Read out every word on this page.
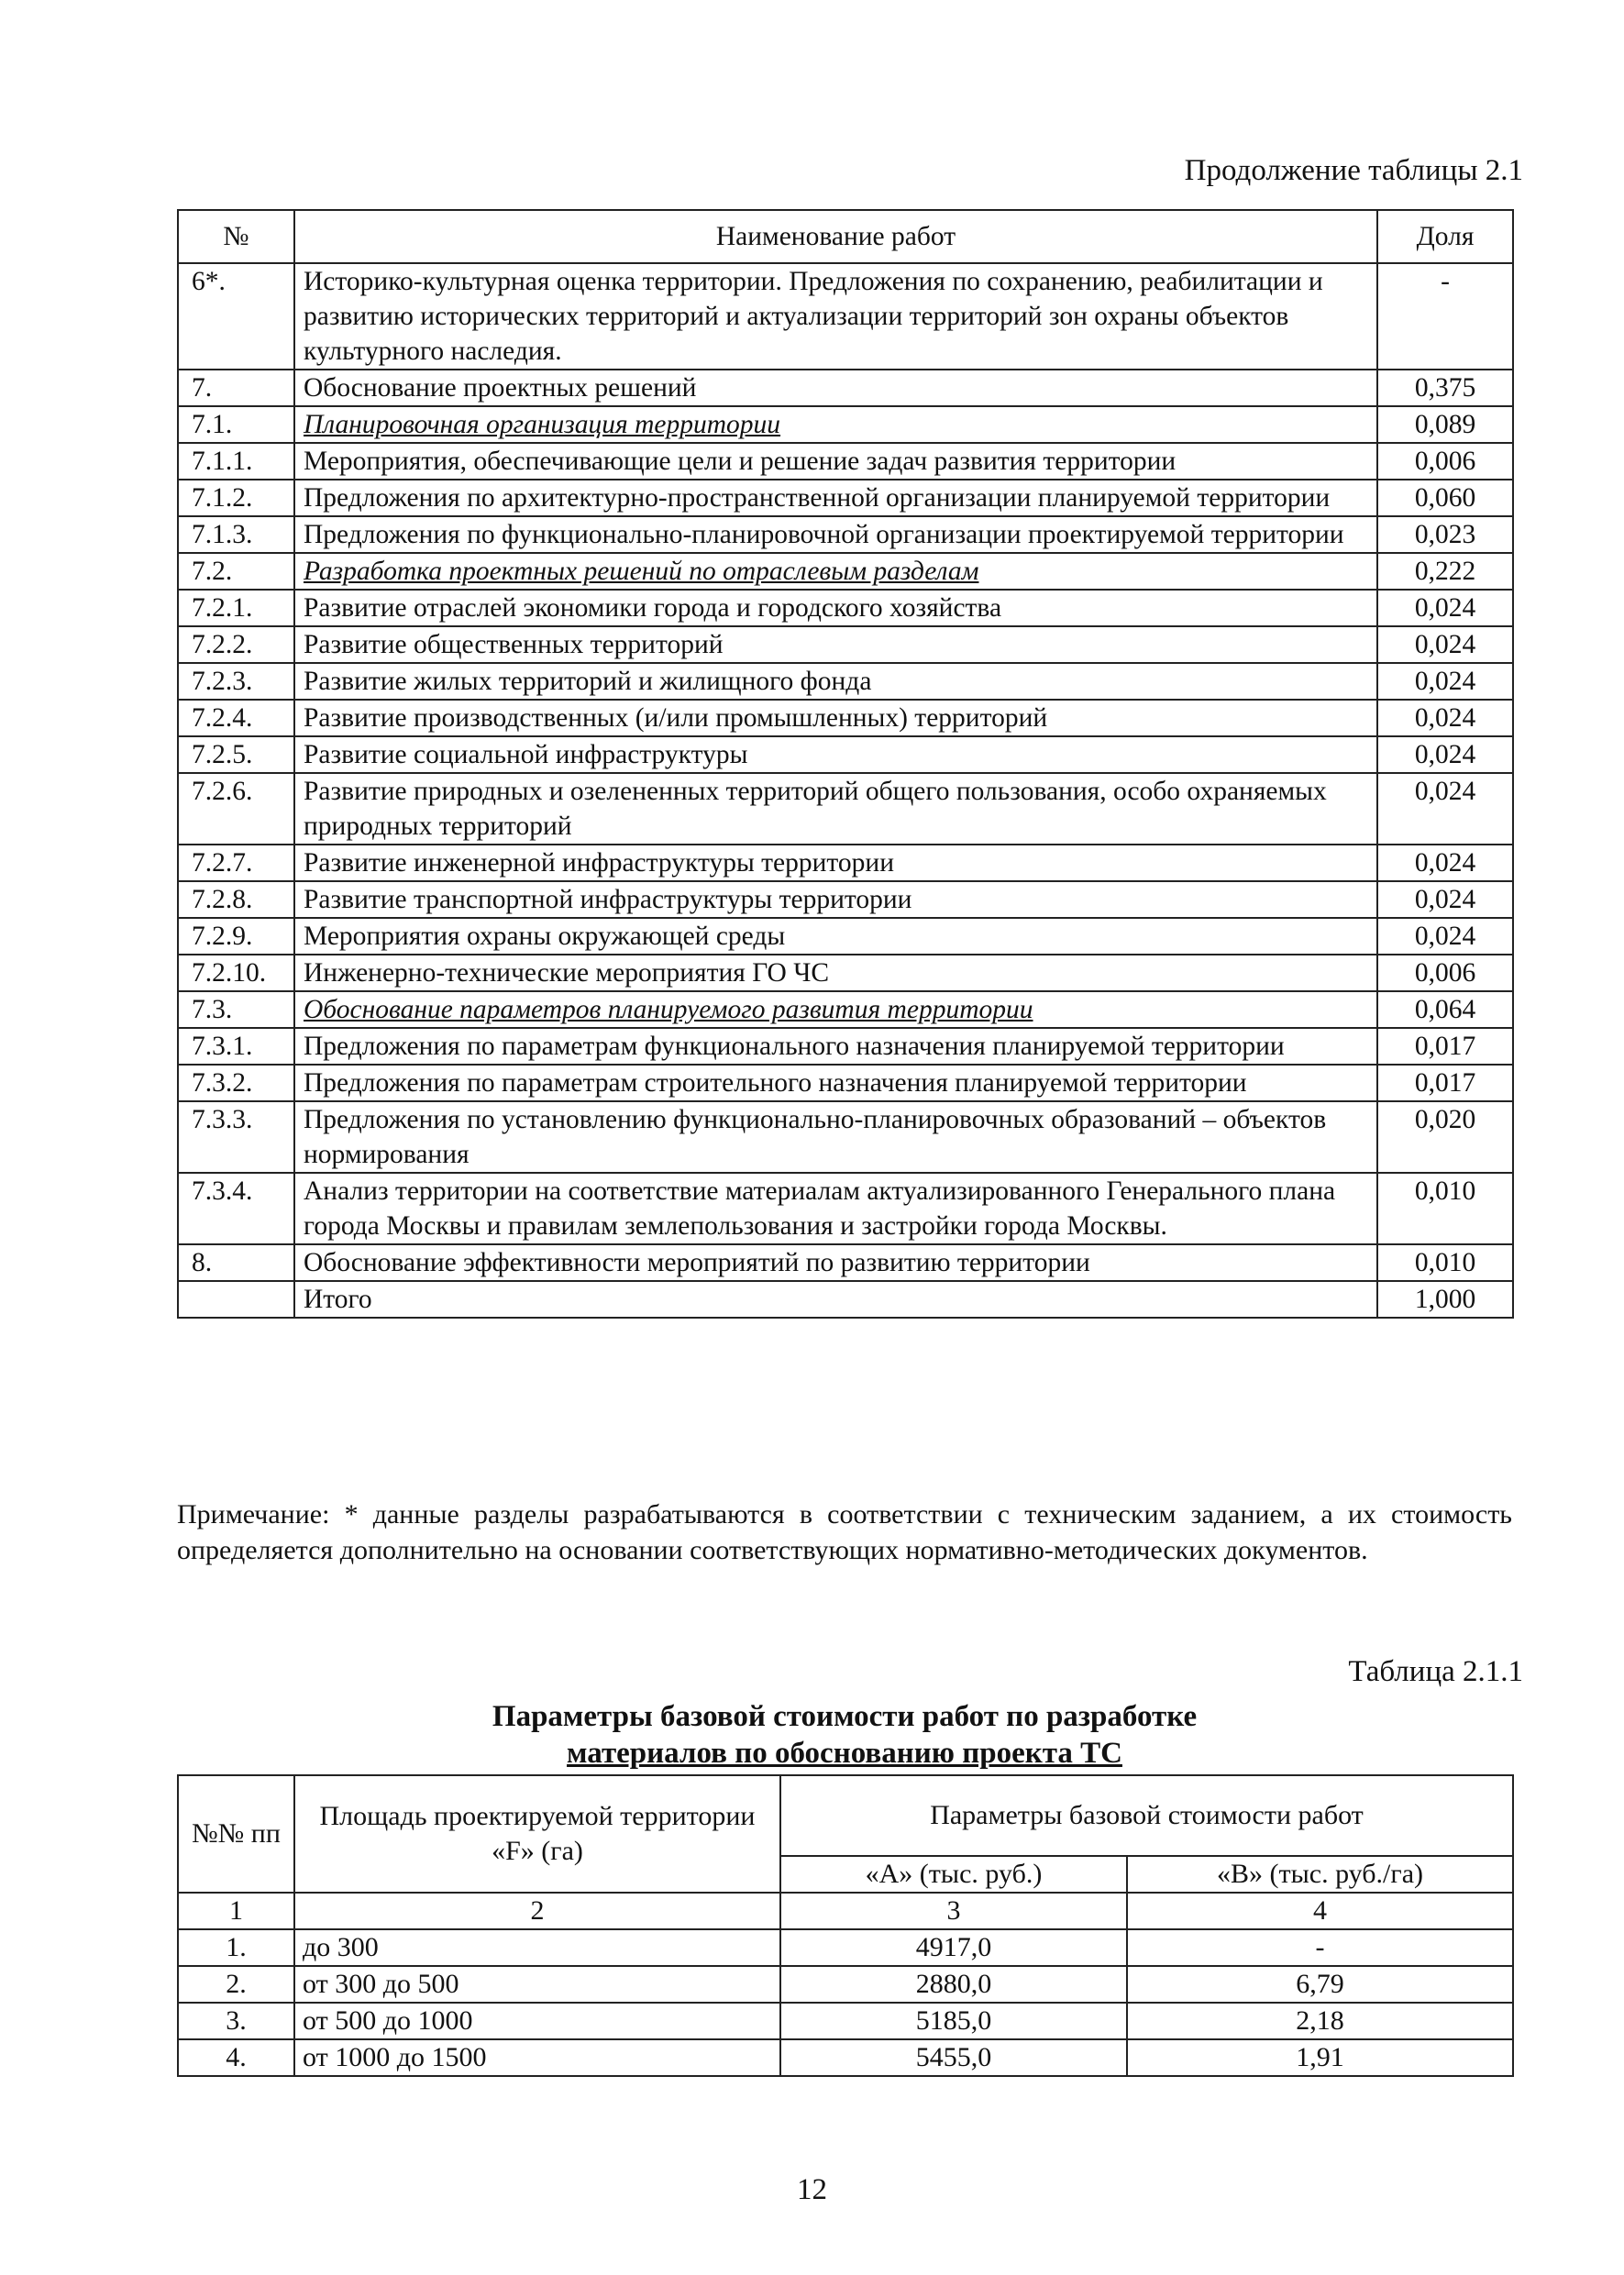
Продолжение таблицы 2.1
№	Наименование работ	Доля
6*.	Историко-культурная оценка территории. Предложения по сохранению, реабилитации и развитию исторических территорий и актуализации территорий зон охраны объектов культурного наследия.	-
7.	Обоснование проектных решений	0,375
7.1.	Планировочная организация территории	0,089
7.1.1.	Мероприятия, обеспечивающие цели и решение задач развития территории	0,006
7.1.2.	Предложения по архитектурно-пространственной организации планируемой территории	0,060
7.1.3.	Предложения по функционально-планировочной организации проектируемой территории	0,023
7.2.	Разработка проектных решений по отраслевым разделам	0,222
7.2.1.	Развитие отраслей экономики города и городского хозяйства	0,024
7.2.2.	Развитие общественных территорий	0,024
7.2.3.	Развитие жилых территорий и жилищного фонда	0,024
7.2.4.	Развитие производственных (и/или промышленных) территорий	0,024
7.2.5.	Развитие социальной инфраструктуры	0,024
7.2.6.	Развитие природных и озелененных территорий общего пользования, особо охраняемых природных территорий	0,024
7.2.7.	Развитие инженерной инфраструктуры территории	0,024
7.2.8.	Развитие транспортной инфраструктуры территории	0,024
7.2.9.	Мероприятия охраны окружающей среды	0,024
7.2.10.	Инженерно-технические мероприятия ГО ЧС	0,006
7.3.	Обоснование параметров планируемого развития территории	0,064
7.3.1.	Предложения по параметрам функционального назначения планируемой территории	0,017
7.3.2.	Предложения по параметрам строительного назначения планируемой территории	0,017
7.3.3.	Предложения по установлению функционально-планировочных образований – объектов нормирования	0,020
7.3.4.	Анализ территории на соответствие материалам актуализированного Генерального плана города Москвы и правилам землепользования и застройки города Москвы.	0,010
8.	Обоснование эффективности мероприятий по развитию территории	0,010
	Итого	1,000
Примечание: * данные разделы разрабатываются в соответствии с техническим заданием, а их стоимость определяется дополнительно на основании соответствующих нормативно-методических документов.
Таблица 2.1.1
Параметры базовой стоимости работ по разработке
материалов по обоснованию проекта ТС
№№ пп	Площадь проектируемой территории «F» (га)	Параметры базовой стоимости работ	
		«А» (тыс. руб.)	«В» (тыс. руб./га)
1	2	3	4
1.	до 300	4917,0	-
2.	от 300 до 500	2880,0	6,79
3.	от 500 до 1000	5185,0	2,18
4.	от 1000 до 1500	5455,0	1,91
12
